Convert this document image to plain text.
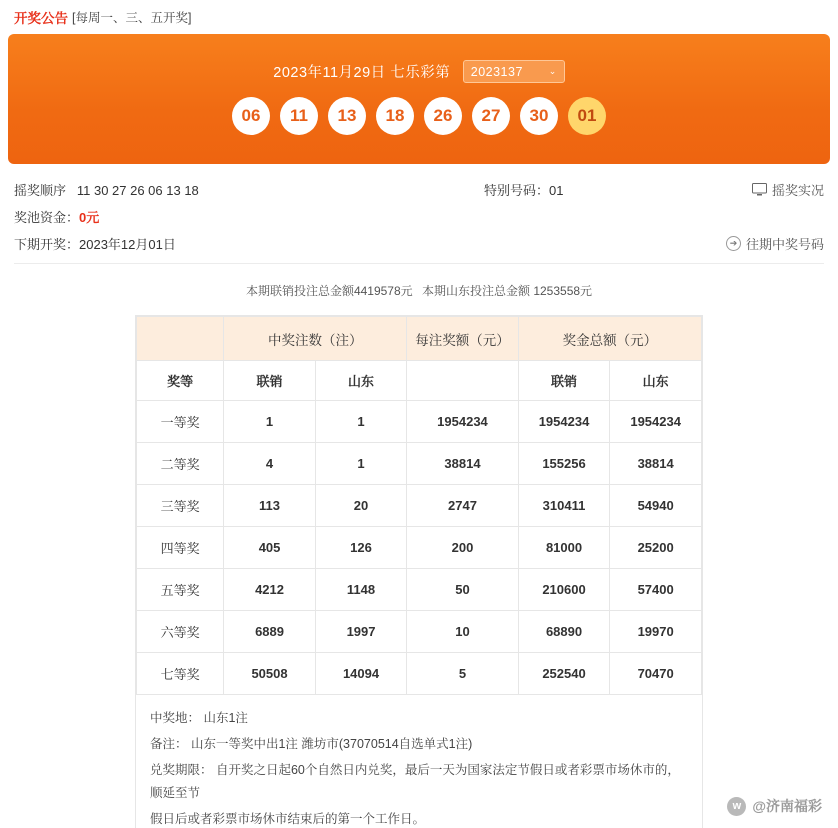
开奖公告 [每周一、三、五开奖]
2023年11月29日 七乐彩第 2023137	⌄
06	11	13	18	26	27	30	01
摇奖顺序 11 30 27 26 06 13 18	特别号码：01	摇奖实况
奖池资金：0元
下期开奖：2023年12月01日	➔ 往期中奖号码
本期联销投注总金额4419578元 本期山东投注总金额 1253558元
	中奖注数（注）		每注奖额（元）	奖金总额（元）	
奖等	联销	山东		联销	山东
一等奖	1	1	1954234	1954234	1954234
二等奖	4	1	38814	155256	38814
三等奖	113	20	2747	310411	54940
四等奖	405	126	200	81000	25200
五等奖	4212	1148	50	210600	57400
六等奖	6889	1997	10	68890	19970
七等奖	50508	14094	5	252540	70470

中奖地： 山东1注

备注： 山东一等奖中出1注 潍坊市(37070514自选单式1注)

兑奖期限： 自开奖之日起60个自然日内兑奖，最后一天为国家法定节假日或者彩票市场休市的，顺延至节

假日后或者彩票市场休市结束后的第一个工作日。

w @济南福彩
